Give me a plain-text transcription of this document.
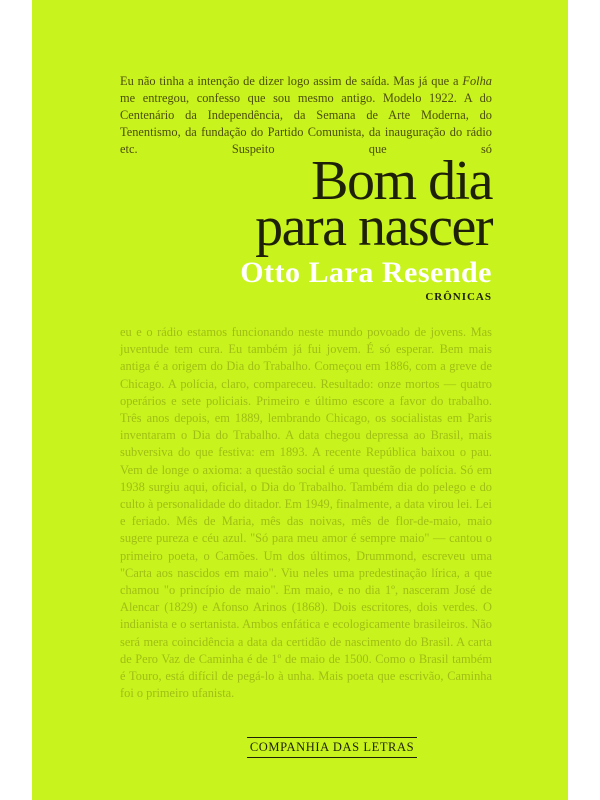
Eu não tinha a intenção de dizer logo assim de saída. Mas já que a Folha me entregou, confesso que sou mesmo antigo. Modelo 1922. A do Centenário da Independência, da Semana de Arte Moderna, do Tenentismo, da fundação do Partido Comunista, da inauguração do rádio etc. Suspeito que só

Bom dia
para nascer
Otto Lara Resende
CRÔNICAS

eu e o rádio estamos funcionando neste mundo povoado de jovens. Mas juventude tem cura. Eu também já fui jovem. É só esperar. Bem mais antiga é a origem do Dia do Trabalho. Começou em 1886, com a greve de Chicago. A polícia, claro, compareceu. Resultado: onze mortos — quatro operários e sete policiais. Primeiro e último escore a favor do trabalho. Três anos depois, em 1889, lembrando Chicago, os socialistas em Paris inventaram o Dia do Trabalho. A data chegou depressa ao Brasil, mais subversiva do que festiva: em 1893. A recente República baixou o pau. Vem de longe o axioma: a questão social é uma questão de polícia. Só em 1938 surgiu aqui, oficial, o Dia do Trabalho. Também dia do pelego e do culto à personalidade do ditador. Em 1949, finalmente, a data virou lei. Lei e feriado. Mês de Maria, mês das noivas, mês de flor-de-maio, maio sugere pureza e céu azul. "Só para meu amor é sempre maio" — cantou o primeiro poeta, o Camões. Um dos últimos, Drummond, escreveu uma "Carta aos nascidos em maio". Viu neles uma predestinação lírica, a que chamou "o princípio de maio". Em maio, e no dia 1º, nasceram José de Alencar (1829) e Afonso Arinos (1868). Dois escritores, dois verdes. O indianista e o sertanista. Ambos enfática e ecologicamente brasileiros. Não será mera coincidência a data da certidão de nascimento do Brasil. A carta de Pero Vaz de Caminha é de 1º de maio de 1500. Como o Brasil também é Touro, está difícil de pegá-lo à unha. Mais poeta que escrivão, Caminha foi o primeiro ufanista.

COMPANHIA DAS LETRAS
